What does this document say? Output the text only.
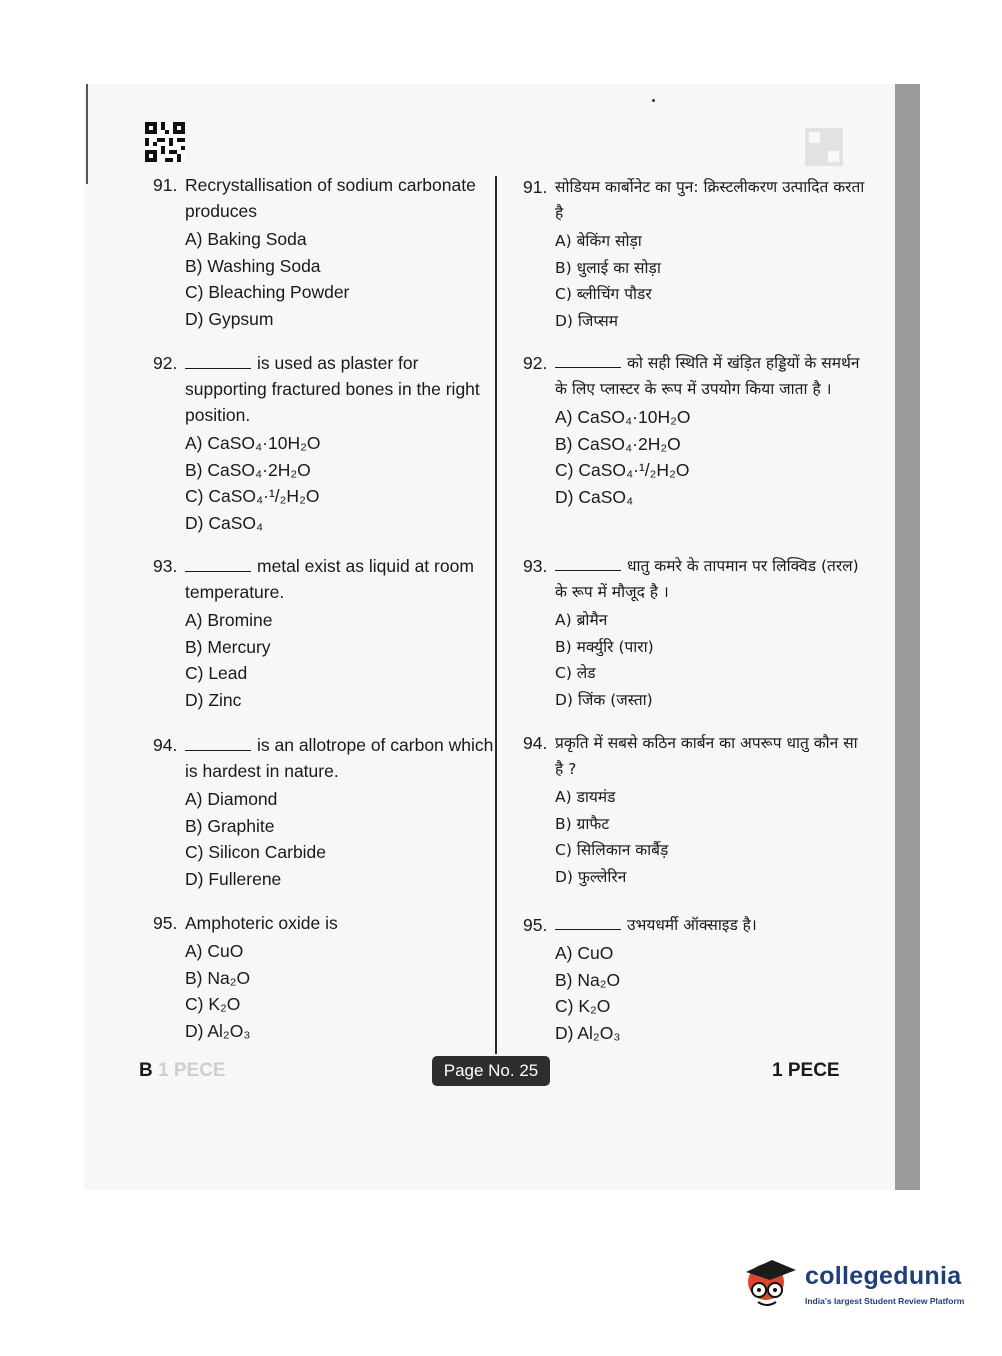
91. Recrystallisation of sodium carbonate produces
A) Baking Soda
B) Washing Soda
C) Bleaching Powder
D) Gypsum
92.	is used as plaster for supporting fractured bones in the right position.
A) CaSO₄·10H₂O
B) CaSO₄·2H₂O
C) CaSO₄·¹/₂H₂O
D) CaSO₄
93.	metal exist as liquid at room temperature.
A) Bromine
B) Mercury
C) Lead
D) Zinc
94.	is an allotrope of carbon which is hardest in nature.
A) Diamond
B) Graphite
C) Silicon Carbide
D) Fullerene
95. Amphoteric oxide is
A) CuO
B) Na₂O
C) K₂O
D) Al₂O₃
91. सोडियम कार्बोनेट का पुन: क्रिस्टलीकरण उत्पादित करता है
A) बेकिंग सोड़ा
B) धुलाई का सोड़ा
C) ब्लीचिंग पौडर
D) जिप्सम
92.	को सही स्थिति में खंड़ित हड्डियों के समर्थन के लिए प्लास्टर के रूप में उपयोग किया जाता है ।
A) CaSO₄·10H₂O
B) CaSO₄·2H₂O
C) CaSO₄·¹/₂H₂O
D) CaSO₄
93.	धातु कमरे के तापमान पर लिक्विड (तरल) के रूप में मौजूद है ।
A) ब्रोमैन
B) मर्क्युरि (पारा)
C) लेड
D) जिंक (जस्ता)
94. प्रकृति में सबसे कठिन कार्बन का अपरूप धातु कौन सा है ?
A) डायमंड
B) ग्राफैट
C) सिलिकान कार्बैड़
D) फुल्लेरिन
95.	उभयधर्मी ऑक्साइड है।
A) CuO
B) Na₂O
C) K₂O
D) Al₂O₃
1 PECE
B	Page No. 25	1 PECE
collegedunia
India's largest Student Review Platform
